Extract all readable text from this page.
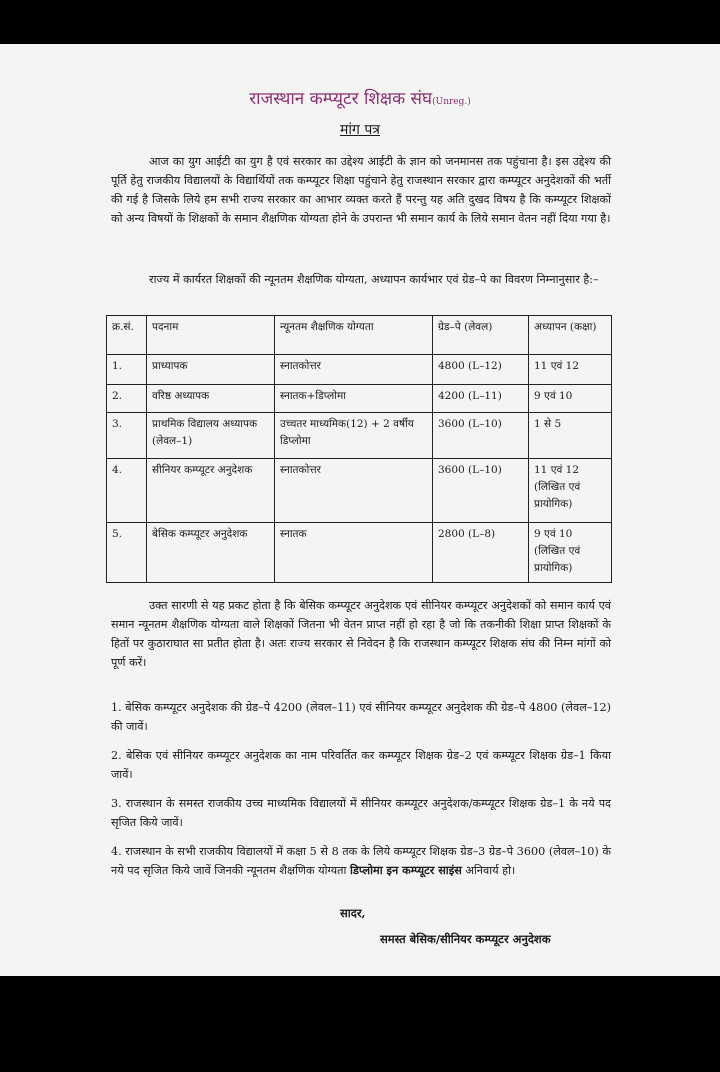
राजस्थान कम्प्यूटर शिक्षक संघ(Unreg.)
मांग पत्र

आज का युग आईटी का युग है एवं सरकार का उद्देश्य आईटी के ज्ञान को जनमानस तक पहुंचाना है। इस उद्देश्य की पूर्ति हेतु राजकीय विद्यालयों के विद्यार्थियों तक कम्प्यूटर शिक्षा पहुंचाने हेतु राजस्थान सरकार द्वारा कम्प्यूटर अनुदेशकों की भर्ती की गई है जिसके लिये हम सभी राज्य सरकार का आभार व्यक्त करते हैं परन्तु यह अति दुखद विषय है कि कम्प्यूटर शिक्षकों को अन्य विषयों के शिक्षकों के समान शैक्षणिक योग्यता होने के उपरान्त भी समान कार्य के लिये समान वेतन नहीं दिया गया है।

राज्य में कार्यरत शिक्षकों की न्यूनतम शैक्षणिक योग्यता, अध्यापन कार्यभार एवं ग्रेड–पे का विवरण निम्नानुसार है:–

क्र.सं.	पदनाम	न्यूनतम शैक्षणिक योग्यता	ग्रेड–पे (लेवल)	अध्यापन (कक्षा)
1.	प्राध्यापक	स्नातकोत्तर	4800 (L–12)	11 एवं 12
2.	वरिष्ठ अध्यापक	स्नातक+डिप्लोमा	4200 (L–11)	9 एवं 10
3.	प्राथमिक विद्यालय अध्यापक (लेवल–1)	उच्चतर माध्यमिक(12) + 2 वर्षीय डिप्लोमा	3600 (L–10)	1 से 5
4.	सीनियर कम्प्यूटर अनुदेशक	स्नातकोत्तर	3600 (L–10)	11 एवं 12 (लिखित एवं प्रायोगिक)
5.	बेसिक कम्प्यूटर अनुदेशक	स्नातक	2800 (L–8)	9 एवं 10 (लिखित एवं प्रायोगिक)

उक्त सारणी से यह प्रकट होता है कि बेसिक कम्प्यूटर अनुदेशक एवं सीनियर कम्प्यूटर अनुदेशकों को समान कार्य एवं समान न्यूनतम शैक्षणिक योग्यता वाले शिक्षकों जितना भी वेतन प्राप्त नहीं हो रहा है जो कि तकनीकी शिक्षा प्राप्त शिक्षकों के हितों पर कुठाराघात सा प्रतीत होता है। अतः राज्य सरकार से निवेदन है कि राजस्थान कम्प्यूटर शिक्षक संघ की निम्न मांगों को पूर्ण करें।

1. बेसिक कम्प्यूटर अनुदेशक की ग्रेड–पे 4200 (लेवल–11) एवं सीनियर कम्प्यूटर अनुदेशक की ग्रेड–पे 4800 (लेवल–12) की जावें।

2. बेसिक एवं सीनियर कम्प्यूटर अनुदेशक का नाम परिवर्तित कर कम्प्यूटर शिक्षक ग्रेड–2 एवं कम्प्यूटर शिक्षक ग्रेड–1 किया जावें।

3. राजस्थान के समस्त राजकीय उच्च माध्यमिक विद्यालयों में सीनियर कम्प्यूटर अनुदेशक/कम्प्यूटर शिक्षक ग्रेड–1 के नये पद सृजित किये जावें।

4. राजस्थान के सभी राजकीय विद्यालयों में कक्षा 5 से 8 तक के लिये कम्प्यूटर शिक्षक ग्रेड–3 ग्रेड–पे 3600 (लेवल–10) के नये पद सृजित किये जावें जिनकी न्यूनतम शैक्षणिक योग्यता डिप्लोमा इन कम्प्यूटर साइंस अनिवार्य हो।

सादर,
समस्त बेसिक/सीनियर कम्प्यूटर अनुदेशक
